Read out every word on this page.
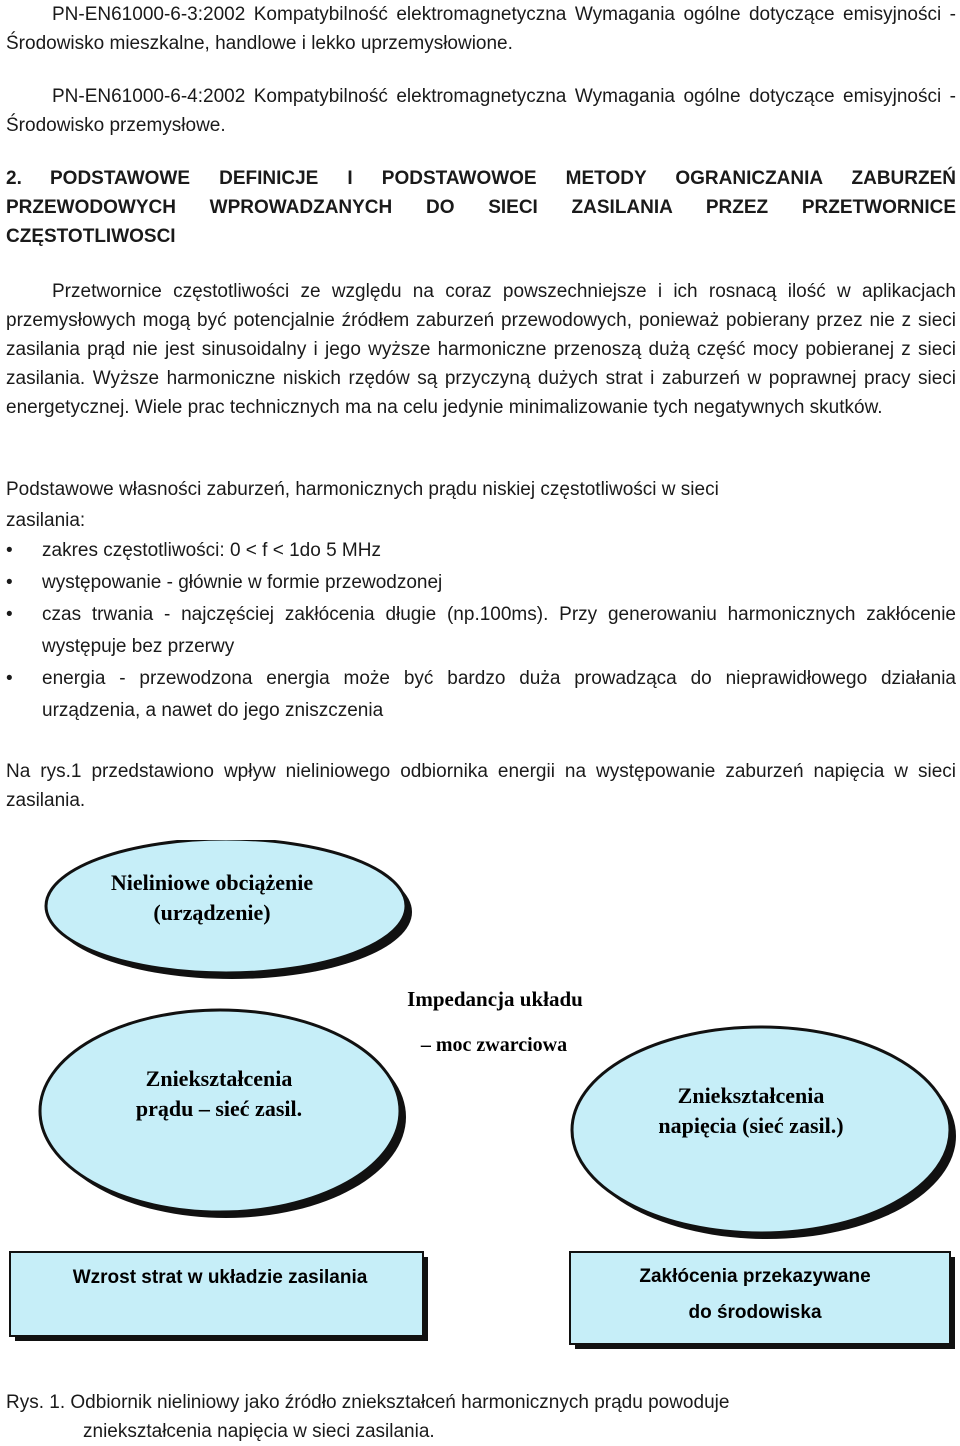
PN-EN61000-6-3:2002 Kompatybilność elektromagnetyczna Wymagania ogólne dotyczące emisyjności - Środowisko mieszkalne, handlowe i lekko uprzemysłowione.

PN-EN61000-6-4:2002 Kompatybilność elektromagnetyczna Wymagania ogólne dotyczące emisyjności - Środowisko przemysłowe.

2. PODSTAWOWE DEFINICJE I PODSTAWOWOE METODY OGRANICZANIA ZABURZEŃ PRZEWODOWYCH WPROWADZANYCH DO SIECI ZASILANIA PRZEZ PRZETWORNICE CZĘSTOTLIWOSCI

Przetwornice częstotliwości ze względu na coraz powszechniejsze i ich rosnacą ilość w aplikacjach przemysłowych mogą być potencjalnie źródłem zaburzeń przewodowych, ponieważ pobierany przez nie z sieci zasilania prąd nie jest sinusoidalny i jego wyższe harmoniczne przenoszą dużą część mocy pobieranej z sieci zasilania. Wyższe harmoniczne niskich rzędów są przyczyną dużych strat i zaburzeń w poprawnej pracy sieci energetycznej. Wiele prac technicznych ma na celu jedynie minimalizowanie tych negatywnych skutków.

Podstawowe własności zaburzeń, harmonicznych prądu niskiej częstotliwości w sieci
zasilania:
• zakres częstotliwości: 0 < f < 1do 5 MHz
• występowanie - głównie w formie przewodzonej
• czas trwania - najczęściej zakłócenia długie (np.100ms). Przy generowaniu harmonicznych zakłócenie występuje bez przerwy
• energia - przewodzona energia może być bardzo duża prowadząca do nieprawidłowego działania urządzenia, a nawet do jego zniszczenia

Na rys.1 przedstawiono wpływ nieliniowego odbiornika energii na występowanie zaburzeń napięcia w sieci zasilania.

Nieliniowe obciążenie
(urządzenie)
Impedancja układu
– moc zwarciowa
Zniekształcenia
prądu – sieć zasil.
Zniekształcenia
napięcia (sieć zasil.)
Wzrost strat w układzie zasilania	Zakłócenia przekazywane
do środowiska
Rys. 1. Odbiornik nieliniowy jako źródło zniekształceń harmonicznych prądu powoduje
zniekształcenia napięcia w sieci zasilania.
